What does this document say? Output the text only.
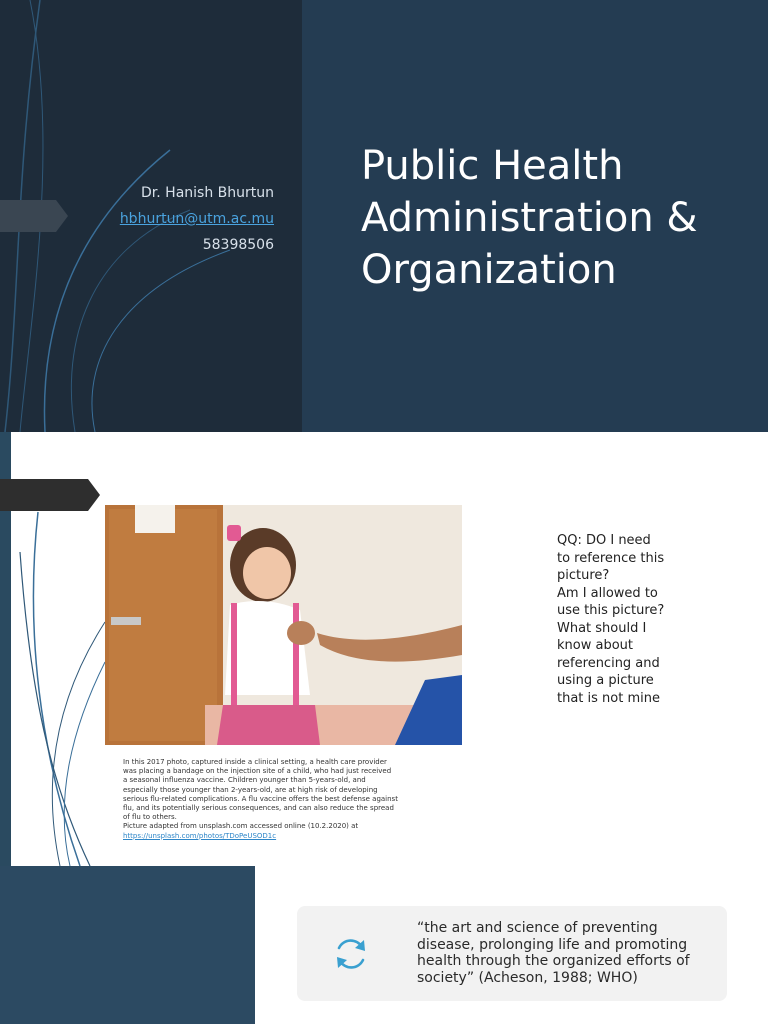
Dr. Hanish Bhurtun
hbhurtun@utm.ac.mu
58398506
Public Health Administration & Organization
In this 2017 photo, captured inside a clinical setting, a health care provider
was placing a bandage on the injection site of a child, who had just received
a seasonal influenza vaccine. Children younger than 5-years-old, and
especially those younger than 2-years-old, are at high risk of developing
serious flu-related complications. A flu vaccine offers the best defense against
flu, and its potentially serious consequences, and can also reduce the spread
of flu to others.
Picture adapted from unsplash.com accessed online (10.2.2020) at
https://unsplash.com/photos/TDoPeUSOD1c
QQ: DO I need
to reference this
picture?
Am I allowed to
use this picture?
What should I
know about
referencing and
using a picture
that is not mine
“the art and science of preventing disease, prolonging life and promoting health through the organized efforts of society” (Acheson, 1988; WHO)
